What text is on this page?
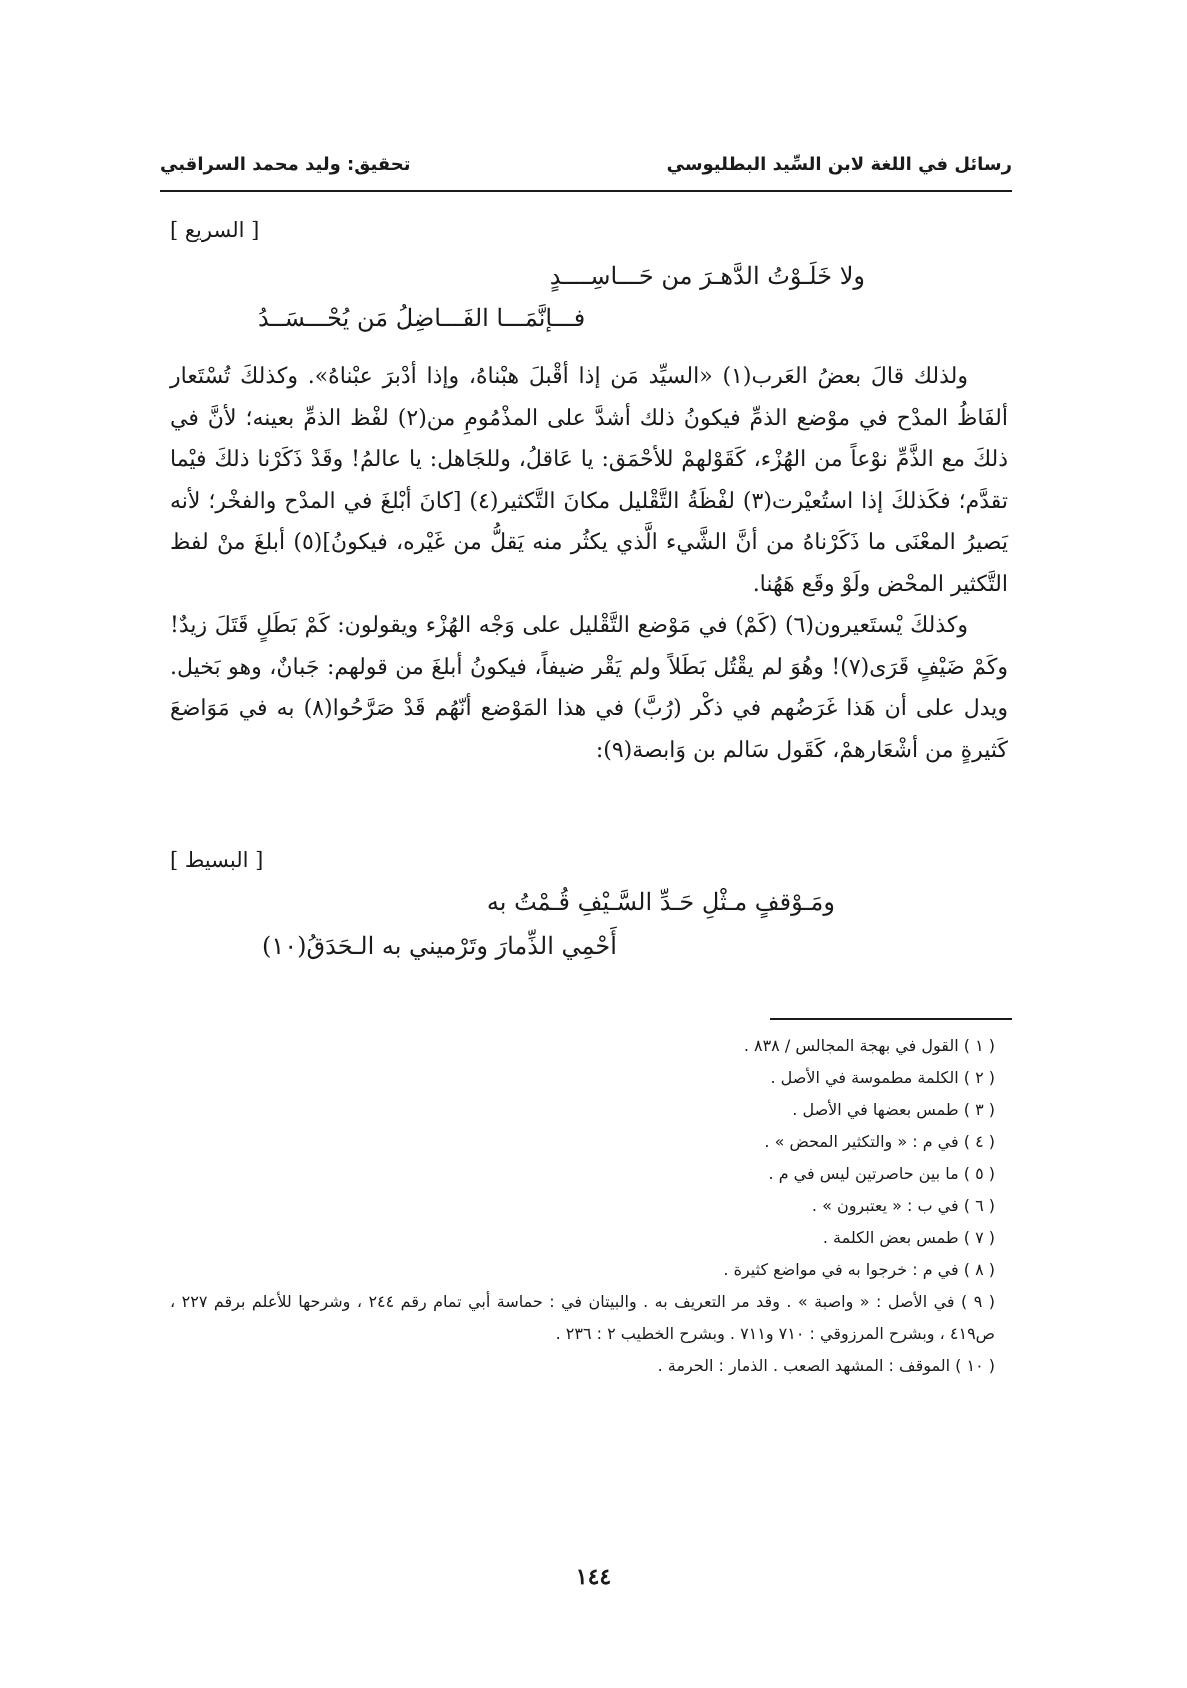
رسائل في اللغة لابن السِّيد البطليوسي
تحقيق: وليد محمد السراقبي
[ السريع ]
ولا خَلَـوْتُ الدَّهـرَ من حَـــاسِــــدٍ
فـــإنَّمَـــا الفَـــاضِلُ مَن يُحْـــسَــدُ

ولذلك قالَ بعضُ العَرب(١) «السيِّد مَن إذا أقْبلَ هبْناهُ، وإذا أدْبرَ عبْناهُ». وكذلكَ تُسْتَعار ألفَاظُ المدْح في موْضع الذمِّ فيكونُ ذلك أشدَّ على المذْمُومِ من(٢) لفْظ الذمِّ بعينه؛ لأنَّ في ذلكَ مع الذَّمِّ نوْعاً من الهُزْء، كَقَوْلهمْ للأحْمَق: يا عَاقلُ، وللجَاهل: يا عالمُ! وقَدْ ذَكَرْنا ذلكَ فيْما تقدَّم؛ فكَذلكَ إذا استُعيْرت(٣) لفْظَةُ التَّقْليل مكانَ التَّكثير(٤) [كانَ أبْلغَ في المدْح والفخْر؛ لأنه يَصيرُ المعْنَى ما ذَكَرْناهُ من أنَّ الشَّيء الَّذي يكثُر منه يَقلُّ من غَيْره، فيكونُ](٥) أبلغَ منْ لفظ التَّكثير المحْض ولَوْ وقَع هَهُنا.

وكذلكَ يْستَعيرون(٦) (كَمْ) في مَوْضع التَّقْليل على وَجْه الهُزْء ويقولون: كَمْ بَطَلٍ قَتَلَ زيدٌ! وكَمْ ضَيْفٍ قَرَى(٧)! وهُوَ لم يقْتُل بَطَلاً ولم يَقْر ضيفاً، فيكونُ أبلغَ من قولهم: جَبانٌ، وهو بَخيل. ويدل على أن هَذا غَرَضُهم في ذكْر (رُبَّ) في هذا المَوْضع أنّهُم قَدْ صَرَّحُوا(٨) به في مَوَاضعَ كَثيرةٍ من أشْعَارهمْ، كَقَول سَالم بن وَابصة(٩):

[ البسيط ]
ومَـوْقفٍ مـثْلِ حَـدِّ السَّـيْفِ قُـمْتُ به
أَحْمِي الذِّمارَ وتَرْميني به الـحَدَقُ(١٠)

( ١ ) القول في بهجة المجالس / ٨٣٨ .

( ٢ ) الكلمة مطموسة في الأصل .

( ٣ ) طمس بعضها في الأصل .

( ٤ ) في م : « والتكثير المحض » .

( ٥ ) ما بين حاصرتين ليس في م .

( ٦ ) في ب : « يعتبرون » .

( ٧ ) طمس بعض الكلمة .

( ٨ ) في م : خرجوا به في مواضع كثيرة .

( ٩ ) في الأصل : « واصبة » . وقد مر التعريف به . والبيتان في : حماسة أبي تمام رقم ٢٤٤ ، وشرحها للأعلم برقم ٢٢٧ ، ص٤١٩ ، وبشرح المرزوقي : ٧١٠ و٧١١ . وبشرح الخطيب ٢ : ٢٣٦ .

( ١٠ ) الموقف : المشهد الصعب . الذمار : الحرمة .

١٤٤
